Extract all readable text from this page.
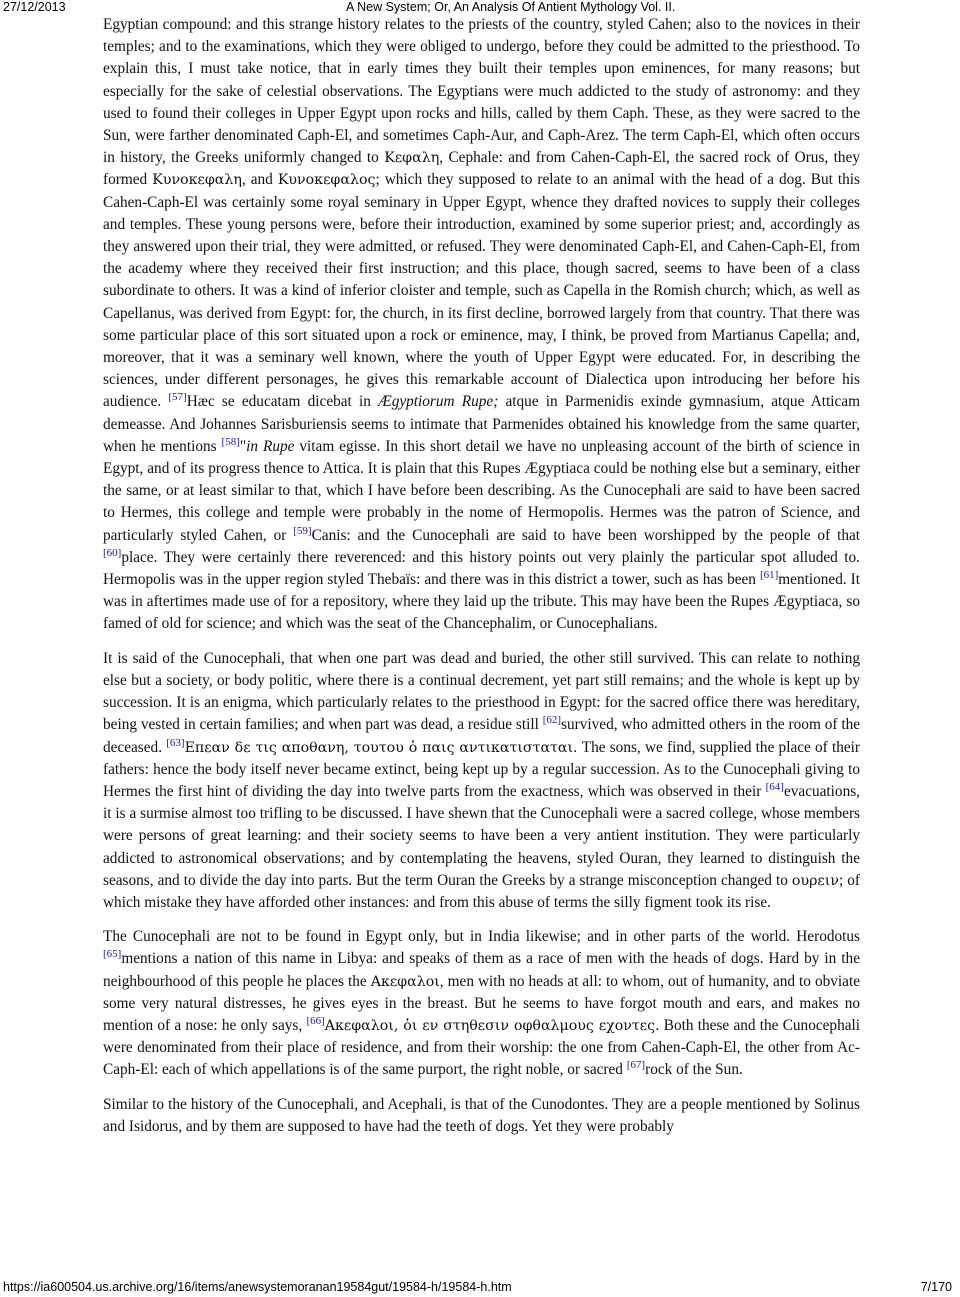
27/12/2013	A New System; Or, An Analysis Of Antient Mythology Vol. II.

Egyptian compound: and this strange history relates to the priests of the country, styled Cahen; also to the novices in their temples; and to the examinations, which they were obliged to undergo, before they could be admitted to the priesthood. To explain this, I must take notice, that in early times they built their temples upon eminences, for many reasons; but especially for the sake of celestial observations. The Egyptians were much addicted to the study of astronomy: and they used to found their colleges in Upper Egypt upon rocks and hills, called by them Caph. These, as they were sacred to the Sun, were farther denominated Caph-El, and sometimes Caph-Aur, and Caph-Arez. The term Caph-El, which often occurs in history, the Greeks uniformly changed to Κεφαλη, Cephale: and from Cahen-Caph-El, the sacred rock of Orus, they formed Κυνοκεφαλη, and Κυνοκεφαλος; which they supposed to relate to an animal with the head of a dog. But this Cahen-Caph-El was certainly some royal seminary in Upper Egypt, whence they drafted novices to supply their colleges and temples. These young persons were, before their introduction, examined by some superior priest; and, accordingly as they answered upon their trial, they were admitted, or refused. They were denominated Caph-El, and Cahen-Caph-El, from the academy where they received their first instruction; and this place, though sacred, seems to have been of a class subordinate to others. It was a kind of inferior cloister and temple, such as Capella in the Romish church; which, as well as Capellanus, was derived from Egypt: for, the church, in its first decline, borrowed largely from that country. That there was some particular place of this sort situated upon a rock or eminence, may, I think, be proved from Martianus Capella; and, moreover, that it was a seminary well known, where the youth of Upper Egypt were educated. For, in describing the sciences, under different personages, he gives this remarkable account of Dialectica upon introducing her before his audience. [57]Hæc se educatam dicebat in Ægyptiorum Rupe; atque in Parmenidis exinde gymnasium, atque Atticam demeasse. And Johannes Sarisburiensis seems to intimate that Parmenides obtained his knowledge from the same quarter, when he mentions [58]"in Rupe vitam egisse. In this short detail we have no unpleasing account of the birth of science in Egypt, and of its progress thence to Attica. It is plain that this Rupes Ægyptiaca could be nothing else but a seminary, either the same, or at least similar to that, which I have before been describing. As the Cunocephali are said to have been sacred to Hermes, this college and temple were probably in the nome of Hermopolis. Hermes was the patron of Science, and particularly styled Cahen, or [59]Canis: and the Cunocephali are said to have been worshipped by the people of that [60]place. They were certainly there reverenced: and this history points out very plainly the particular spot alluded to. Hermopolis was in the upper region styled Thebaïs: and there was in this district a tower, such as has been [61]mentioned. It was in aftertimes made use of for a repository, where they laid up the tribute. This may have been the Rupes Ægyptiaca, so famed of old for science; and which was the seat of the Chancephalim, or Cunocephalians.

It is said of the Cunocephali, that when one part was dead and buried, the other still survived. This can relate to nothing else but a society, or body politic, where there is a continual decrement, yet part still remains; and the whole is kept up by succession. It is an enigma, which particularly relates to the priesthood in Egypt: for the sacred office there was hereditary, being vested in certain families; and when part was dead, a residue still [62]survived, who admitted others in the room of the deceased. [63]Επεαν δε τις αποθανη, τουτου ὁ παις αντικατισταται. The sons, we find, supplied the place of their fathers: hence the body itself never became extinct, being kept up by a regular succession. As to the Cunocephali giving to Hermes the first hint of dividing the day into twelve parts from the exactness, which was observed in their [64]evacuations, it is a surmise almost too trifling to be discussed. I have shewn that the Cunocephali were a sacred college, whose members were persons of great learning: and their society seems to have been a very antient institution. They were particularly addicted to astronomical observations; and by contemplating the heavens, styled Ouran, they learned to distinguish the seasons, and to divide the day into parts. But the term Ouran the Greeks by a strange misconception changed to ουρειν; of which mistake they have afforded other instances: and from this abuse of terms the silly figment took its rise.

The Cunocephali are not to be found in Egypt only, but in India likewise; and in other parts of the world. Herodotus [65]mentions a nation of this name in Libya: and speaks of them as a race of men with the heads of dogs. Hard by in the neighbourhood of this people he places the Ακεφαλοι, men with no heads at all: to whom, out of humanity, and to obviate some very natural distresses, he gives eyes in the breast. But he seems to have forgot mouth and ears, and makes no mention of a nose: he only says, [66]Ακεφαλοι, ὁι εν στηθεσιν οφθαλμους εχοντες. Both these and the Cunocephali were denominated from their place of residence, and from their worship: the one from Cahen-Caph-El, the other from Ac-Caph-El: each of which appellations is of the same purport, the right noble, or sacred [67]rock of the Sun.

Similar to the history of the Cunocephali, and Acephali, is that of the Cunodontes. They are a people mentioned by Solinus and Isidorus, and by them are supposed to have had the teeth of dogs. Yet they were probably

https://ia600504.us.archive.org/16/items/anewsystemoranan19584gut/19584-h/19584-h.htm	7/170
